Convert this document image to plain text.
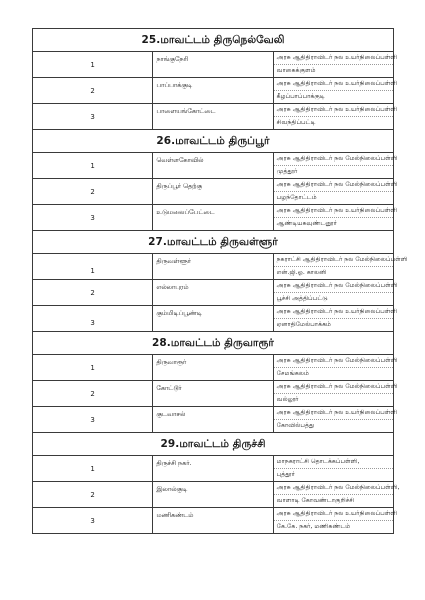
25.மாவட்டம் திருநெல்வேலி		
1	நாங்குநேரி	அரசு ஆதிதிராவிடர் நல உயர்நிலைப்பள்ளி
வாகைக்குளம்

2	பாப்பாக்குடி	அரசு ஆதிதிராவிடர் நல உயர்நிலைப்பள்ளி
கீழப்பாப்பாக்குடி

3	பாளையங்கோட்டை	அரசு ஆதிதிராவிடர் நல உயர்நிலைப்பள்ளி
சிவந்திப்பட்டி

26.மாவட்டம் திருப்பூர்		
1	வெள்ளகோவில்	அரசு ஆதிதிராவிடர் நல மேல்நிலைப்பள்ளி
முத்தூர்

2	திருப்பூர் தெற்கு	அரசு ஆதிதிராவிடர் நல மேல்நிலைப்பள்ளி
பழந்தோட்டம்

3	உடுமலைப்பேட்டை	அரசு ஆதிதிராவிடர் நல உயர்நிலைப்பள்ளி
ஆண்டியகவுண்டனூர்

27.மாவட்டம் திருவள்ளூர்		
1	திருவள்ளூர்	நகராட்சி ஆதிதிராவிடர் நல மேல்நிலைப்பள்ளி
என்.ஜி.ஓ. காலனி

2	எல்லாபுரம்	அரசு ஆதிதிராவிடர் நல மேல்நிலைப்பள்ளி
பூச்சி அத்திப்பட்டு

3	கும்மிடிப்பூண்டி	அரசு ஆதிதிராவிடர் நல உயர்நிலைப்பள்ளி
ஏனாதிமேல்பாக்கம்

28.மாவட்டம் திருவாரூர்		
1	திருவாரூர்	அரசு ஆதிதிராவிடர் நல மேல்நிலைப்பள்ளி
சேமங்கலம்

2	கோட்டூர்	அரசு ஆதிதிராவிடர் நல மேல்நிலைப்பள்ளி
வல்லூர்

3	குடவாசல்	அரசு ஆதிதிராவிடர் நல உயர்நிலைப்பள்ளி
கோவில்பத்து

29.மாவட்டம் திருச்சி		
1	திருச்சி நகர்.	மாநகராட்சி தொடக்கப்பள்ளி,
புத்தூர்

2	இலால்குடி	அரசு ஆதிதிராவிடர் நல மேல்நிலைப்பள்ளி,
வாளாடி கோவண்டாகுறிச்சி

3	மணிகண்டம்	அரசு ஆதிதிராவிடர் நல உயர்நிலைப்பள்ளி
கே.கே. நகர், மணிகண்டம்
